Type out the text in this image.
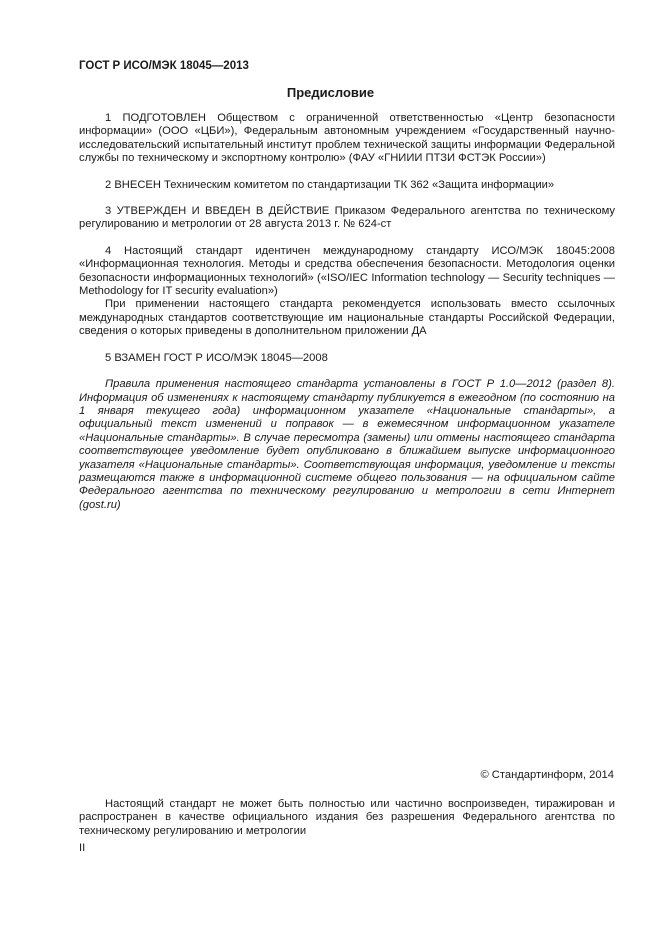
ГОСТ Р ИСО/МЭК 18045—2013
Предисловие

1 ПОДГОТОВЛЕН Обществом с ограниченной ответственностью «Центр безопасности информации» (ООО «ЦБИ»), Федеральным автономным учреждением «Государственный научно-исследовательский испытательный институт проблем технической защиты информации Федеральной службы по техническому и экспортному контролю» (ФАУ «ГНИИИ ПТЗИ ФСТЭК России»)

2 ВНЕСЕН Техническим комитетом по стандартизации ТК 362 «Защита информации»

3 УТВЕРЖДЕН И ВВЕДЕН В ДЕЙСТВИЕ Приказом Федерального агентства по техническому регулированию и метрологии от 28 августа 2013 г. № 624-ст

4 Настоящий стандарт идентичен международному стандарту ИСО/МЭК 18045:2008 «Информационная технология. Методы и средства обеспечения безопасности. Методология оценки безопасности информационных технологий» («ISO/IEC Information technology — Security techniques — Methodology for IT security evaluation»)

При применении настоящего стандарта рекомендуется использовать вместо ссылочных международных стандартов соответствующие им национальные стандарты Российской Федерации, сведения о которых приведены в дополнительном приложении ДА

5 ВЗАМЕН ГОСТ Р ИСО/МЭК 18045—2008

Правила применения настоящего стандарта установлены в ГОСТ Р 1.0—2012 (раздел 8). Информация об изменениях к настоящему стандарту публикуется в ежегодном (по состоянию на 1 января текущего года) информационном указателе «Национальные стандарты», а официальный текст изменений и поправок — в ежемесячном информационном указателе «Национальные стандарты». В случае пересмотра (замены) или отмены настоящего стандарта соответствующее уведомление будет опубликовано в ближайшем выпуске информационного указателя «Национальные стандарты». Соответствующая информация, уведомление и тексты размещаются также в информационной системе общего пользования — на официальном сайте Федерального агентства по техническому регулированию и метрологии в сети Интернет (gost.ru)

© Стандартинформ, 2014

Настоящий стандарт не может быть полностью или частично воспроизведен, тиражирован и распространен в качестве официального издания без разрешения Федерального агентства по техническому регулированию и метрологии

II
